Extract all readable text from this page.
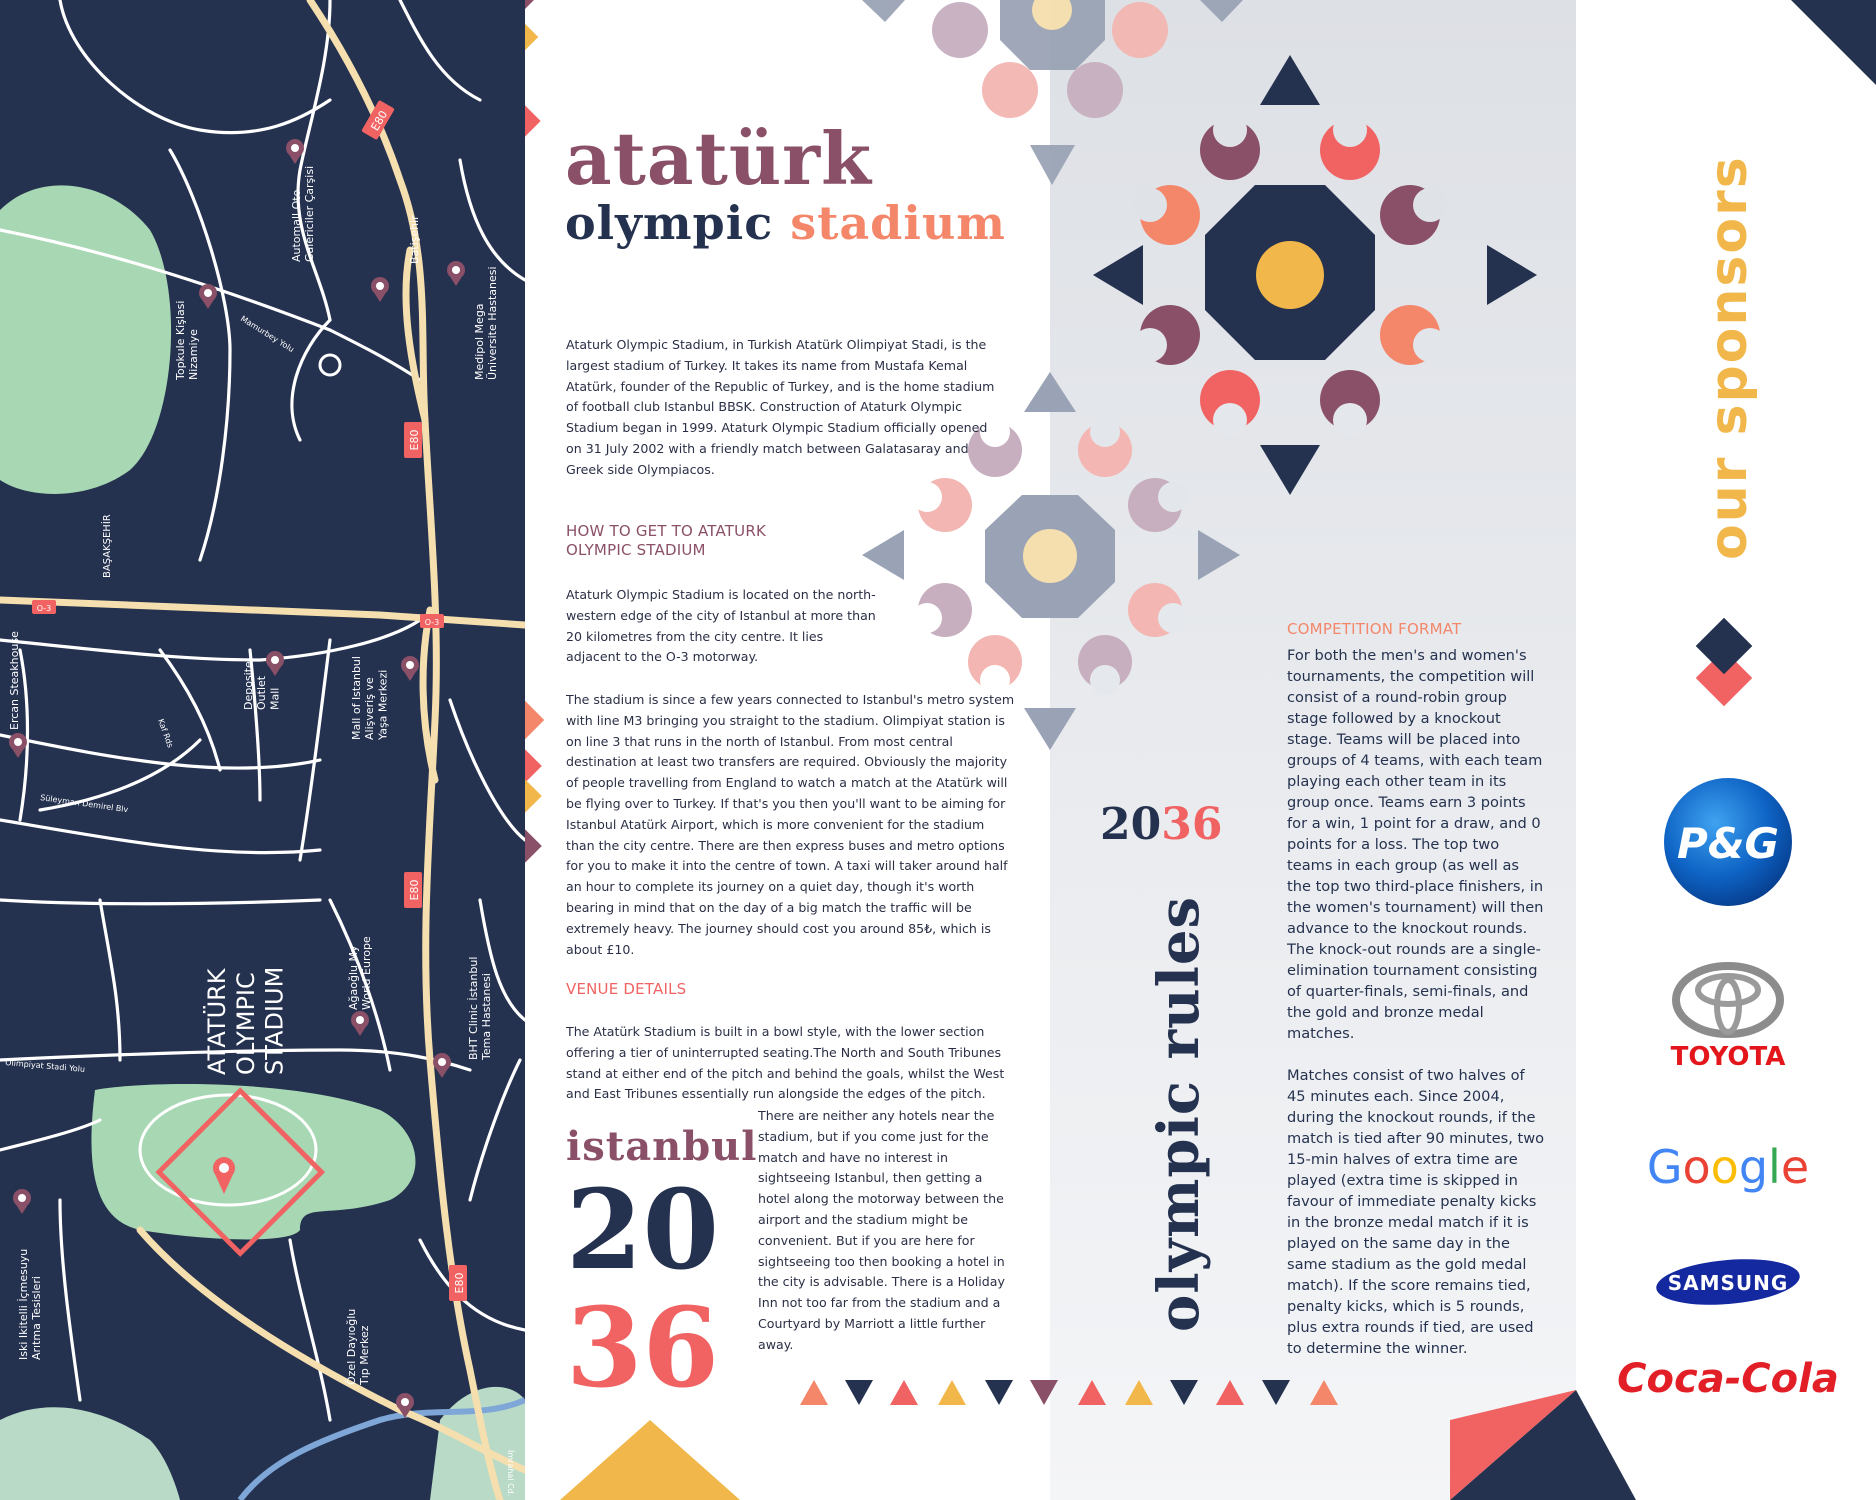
E80
E80
E80
E80
O-3
O-3
Automall Oto Galericiler Çarşisi	Batişehir
Topkule KişlasiNizamiye	Mamurbey Yolu	Medipol MegaÜniversite Hastanesi
BAŞAKŞEHİR
Ercan Steakhouse	DepositeOutletMall	Mall of IstanbulAlişveriş veYaşa Merkezi
Süleyman Demirel Blv
Kaf Rds
Ağaoğlu MyWorld Europe	BHT Clinic İstanbulTema Hastanesi
Olimpiyat Stadi Yolu
Iski Ikitelli İçmesuyuArıtma Tesisleri	Özel DayıoğluTıp Merkez
İmrahal Cd.
ATATÜRKOLYMPICSTADIUM
atatürk
olympic stadium
Ataturk Olympic Stadium, in Turkish Atatürk Olimpiyat Stadi, is the largest stadium of Turkey. It takes its name from Mustafa Kemal Atatürk, founder of the Republic of Turkey, and is the home stadium of football club Istanbul BBSK. Construction of Ataturk Olympic Stadium began in 1999. Ataturk Olympic Stadium officially opened on 31 July 2002 with a friendly match between Galatasaray and Greek side Olympiacos.
HOW TO GET TO ATATURK
OLYMPIC STADIUM
Ataturk Olympic Stadium is located on the north-western edge of the city of Istanbul at more than 20 kilometres from the city centre. It lies adjacent to the O-3 motorway.
The stadium is since a few years connected to Istanbul's metro system with line M3 bringing you straight to the stadium. Olimpiyat station is on line 3 that runs in the north of Istanbul. From most central destination at least two transfers are required. Obviously the majority of people travelling from England to watch a match at the Atatürk will be flying over to Turkey. If that's you then you'll want to be aiming for Istanbul Atatürk Airport, which is more convenient for the stadium than the city centre. There are then express buses and metro options for you to make it into the centre of town. A taxi will taker around half an hour to complete its journey on a quiet day, though it's worth bearing in mind that on the day of a big match the traffic will be extremely heavy. The journey should cost you around 85₺, which is about £10.
VENUE DETAILS
The Atatürk Stadium is built in a bowl style, with the lower section offering a tier of uninterrupted seating.The North and South Tribunes stand at either end of the pitch and behind the goals, whilst the West and East Tribunes essentially run alongside the edges of the pitch.
There are neither any hotels near the stadium, but if you come just for the match and have no interest in sightseeing Istanbul, then getting a hotel along the motorway between the airport and the stadium might be convenient. But if you are here for sightseeing too then booking a hotel in the city is advisable. There is a Holiday Inn not too far from the stadium and a Courtyard by Marriott a little further away.
istanbul
20
36
2036
olympic rules
COMPETITION FORMAT

For both the men's and women's tournaments, the competition will consist of a round-robin group stage followed by a knockout stage. Teams will be placed into groups of 4 teams, with each team playing each other team in its group once. Teams earn 3 points for a win, 1 point for a draw, and 0 points for a loss. The top two teams in each group (as well as the top two third-place finishers, in the women's tournament) will then advance to the knockout rounds. The knock-out rounds are a single-elimination tournament consisting of quarter-finals, semi-finals, and the gold and bronze medal matches.

Matches consist of two halves of 45 minutes each. Since 2004, during the knockout rounds, if the match is tied after 90 minutes, two 15-min halves of extra time are played (extra time is skipped in favour of immediate penalty kicks in the bronze medal match if it is played on the same day in the same stadium as the gold medal match). If the score remains tied, penalty kicks, which is 5 rounds, plus extra rounds if tied, are used to determine the winner.

our sponsors
P&G
TOYOTA
Google
SAMSUNG
Coca-Cola
